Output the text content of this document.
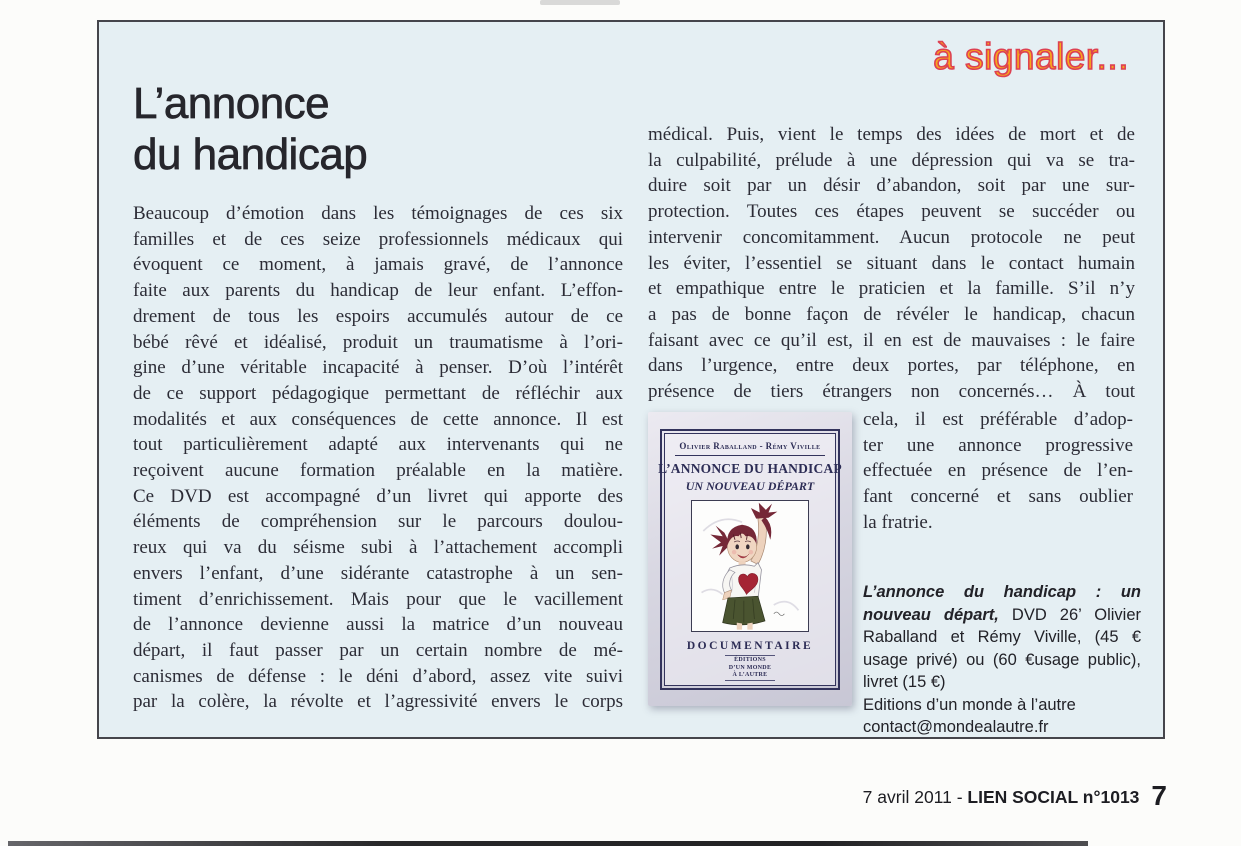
à signaler...
L’annonce
du handicap
Beaucoup d’émotion dans les témoignages de ces six
familles et de ces seize professionnels médicaux qui
évoquent ce moment, à jamais gravé, de l’annonce
faite aux parents du handicap de leur enfant. L’effon-
drement de tous les espoirs accumulés autour de ce
bébé rêvé et idéalisé, produit un traumatisme à l’ori-
gine d’une véritable incapacité à penser. D’où l’intérêt
de ce support pédagogique permettant de réfléchir aux
modalités et aux conséquences de cette annonce. Il est
tout particulièrement adapté aux intervenants qui ne
reçoivent aucune formation préalable en la matière.
Ce DVD est accompagné d’un livret qui apporte des
éléments de compréhension sur le parcours doulou-
reux qui va du séisme subi à l’attachement accompli
envers l’enfant, d’une sidérante catastrophe à un sen-
timent d’enrichissement. Mais pour que le vacillement
de l’annonce devienne aussi la matrice d’un nouveau
départ, il faut passer par un certain nombre de mé-
canismes de défense : le déni d’abord, assez vite suivi
par la colère, la révolte et l’agressivité envers le corps
médical. Puis, vient le temps des idées de mort et de
la culpabilité, prélude à une dépression qui va se tra-
duire soit par un désir d’abandon, soit par une sur-
protection. Toutes ces étapes peuvent se succéder ou
intervenir concomitamment. Aucun protocole ne peut
les éviter, l’essentiel se situant dans le contact humain
et empathique entre le praticien et la famille. S’il n’y
a pas de bonne façon de révéler le handicap, chacun
faisant avec ce qu’il est, il en est de mauvaises : le faire
dans l’urgence, entre deux portes, par téléphone, en
présence de tiers étrangers non concernés… À tout
Olivier Raballand - Rémy Viville
L’ANNONCE DU HANDICAP
UN NOUVEAU DÉPART
DOCUMENTAIRE
ÉDITIONS
D’UN MONDE
À L’AUTRE
cela, il est préférable d’adop-
ter une annonce progressive
effectuée en présence de l’en-
fant concerné et sans oublier
la fratrie.
L’annonce du handicap : un nouveau départ, DVD 26’ Olivier Raballand et Rémy Viville, (45 € usage privé) ou (60 €usage public), livret (15 €)
Editions d’un monde à l’autre
contact@mondealautre.fr
7 avril 2011 - LIEN SOCIAL n°1013 7
